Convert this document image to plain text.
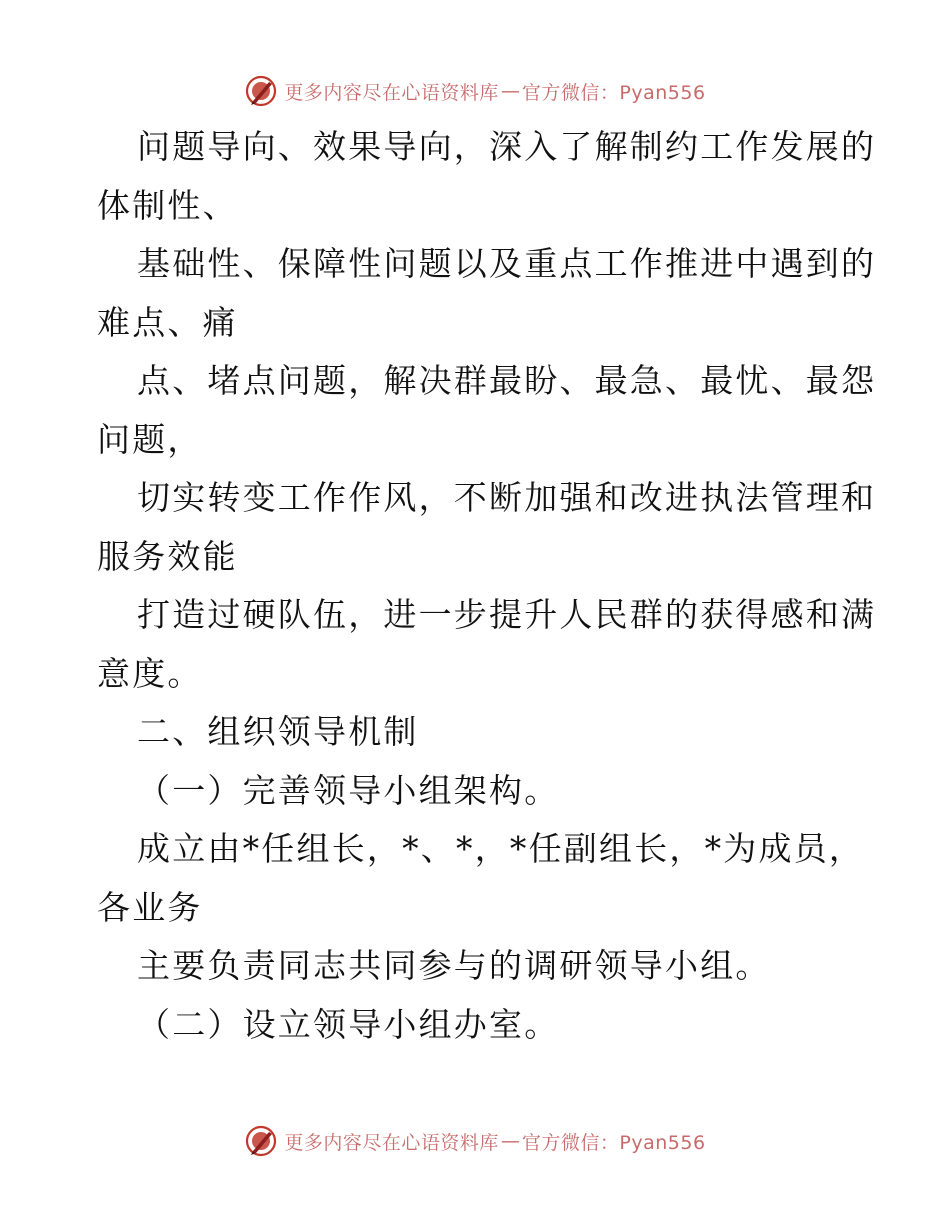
更多内容尽在心语资料库 — 官方微信：Pyan556
问题导向、效果导向，深入了解制约工作发展的
体制性、
基础性、保障性问题以及重点工作推进中遇到的
难点、痛
点、堵点问题，解决群最盼、最急、最忧、最怨
问题，
切实转变工作作风，不断加强和改进执法管理和
服务效能
打造过硬队伍，进一步提升人民群的获得感和满
意度。
二、组织领导机制
（一）完善领导小组架构。
成立由*任组长，*、*，*任副组长，*为成员，
各业务
主要负责同志共同参与的调研领导小组。
（二）设立领导小组办室。
更多内容尽在心语资料库 — 官方微信：Pyan556
